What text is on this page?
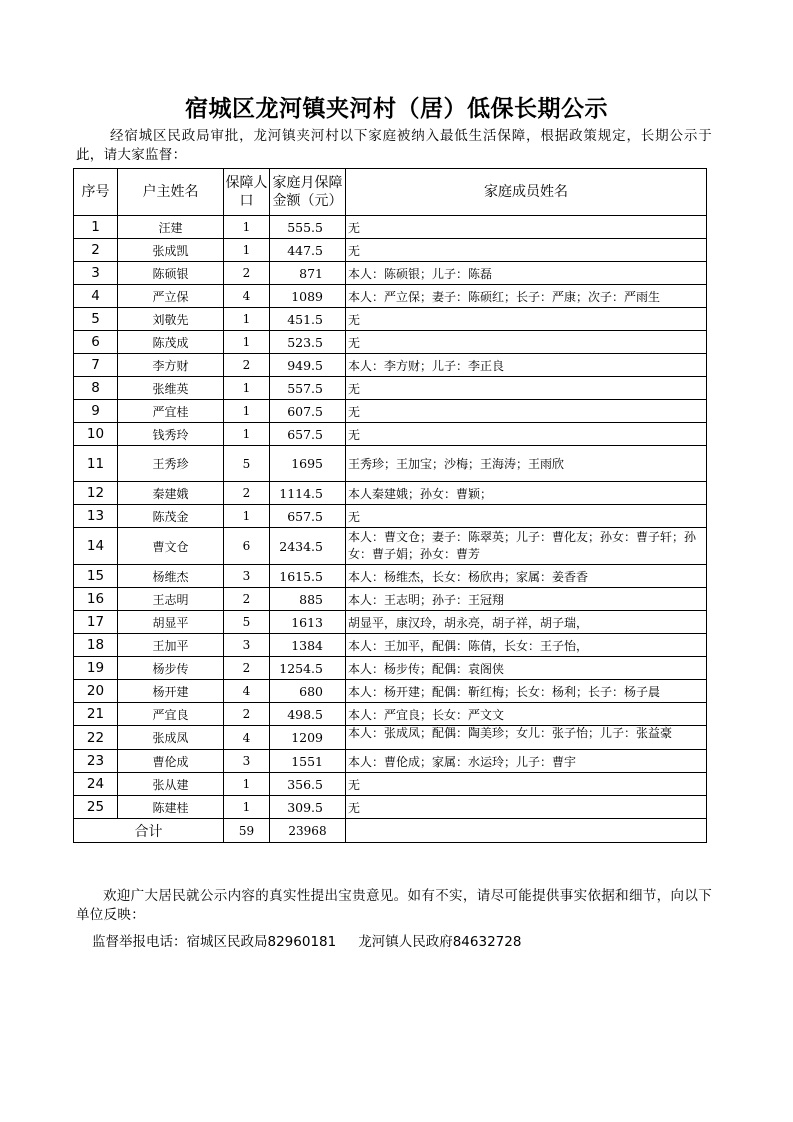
宿城区龙河镇夹河村（居）低保长期公示
经宿城区民政局审批，龙河镇夹河村以下家庭被纳入最低生活保障，根据政策规定，长期公示于此，请大家监督：
序号	户主姓名	保障人口	家庭月保障金额（元）	家庭成员姓名
1	汪建	1	555.5	无
2	张成凯	1	447.5	无
3	陈硕银	2	871	本人：陈硕银；儿子：陈磊
4	严立保	4	1089	本人：严立保；妻子：陈硕红；长子：严康；次子：严雨生
5	刘敬先	1	451.5	无
6	陈茂成	1	523.5	无
7	李方财	2	949.5	本人：李方财；儿子：李正良
8	张维英	1	557.5	无
9	严宜桂	1	607.5	无
10	钱秀玲	1	657.5	无
11	王秀珍	5	1695	王秀珍；王加宝；沙梅；王海涛；王雨欣
12	秦建娥	2	1114.5	本人秦建娥；孙女：曹颖；
13	陈茂金	1	657.5	无
14	曹文仓	6	2434.5	本人：曹文仓；妻子：陈翠英；儿子：曹化友；孙女：曹子轩；孙女：曹子娟；孙女：曹芳
15	杨维杰	3	1615.5	本人：杨维杰，长女：杨欣冉；家属：姜香香
16	王志明	2	885	本人：王志明；孙子：王冠翔
17	胡显平	5	1613	胡显平，康汉玲，胡永亮，胡子祥，胡子瑞，
18	王加平	3	1384	本人：王加平，配偶：陈倩，长女：王子怡，
19	杨步传	2	1254.5	本人：杨步传；配偶：袁阁侠
20	杨开建	4	680	本人：杨开建；配偶：靳红梅；长女：杨利；长子：杨子晨
21	严宜良	2	498.5	本人：严宜良；长女：严文文
22	张成凤	4	1209	本人：张成凤；配偶：陶美珍；女儿：张子怡；儿子：张益豪

23	曹伦成	3	1551	本人：曹伦成；家属：水运玲；儿子：曹宇
24	张从建	1	356.5	无
25	陈建桂	1	309.5	无
合计		59	23968	
欢迎广大居民就公示内容的真实性提出宝贵意见。如有不实，请尽可能提供事实依据和细节，向以下单位反映：
监督举报电话：宿城区民政局82960181 龙河镇人民政府84632728
